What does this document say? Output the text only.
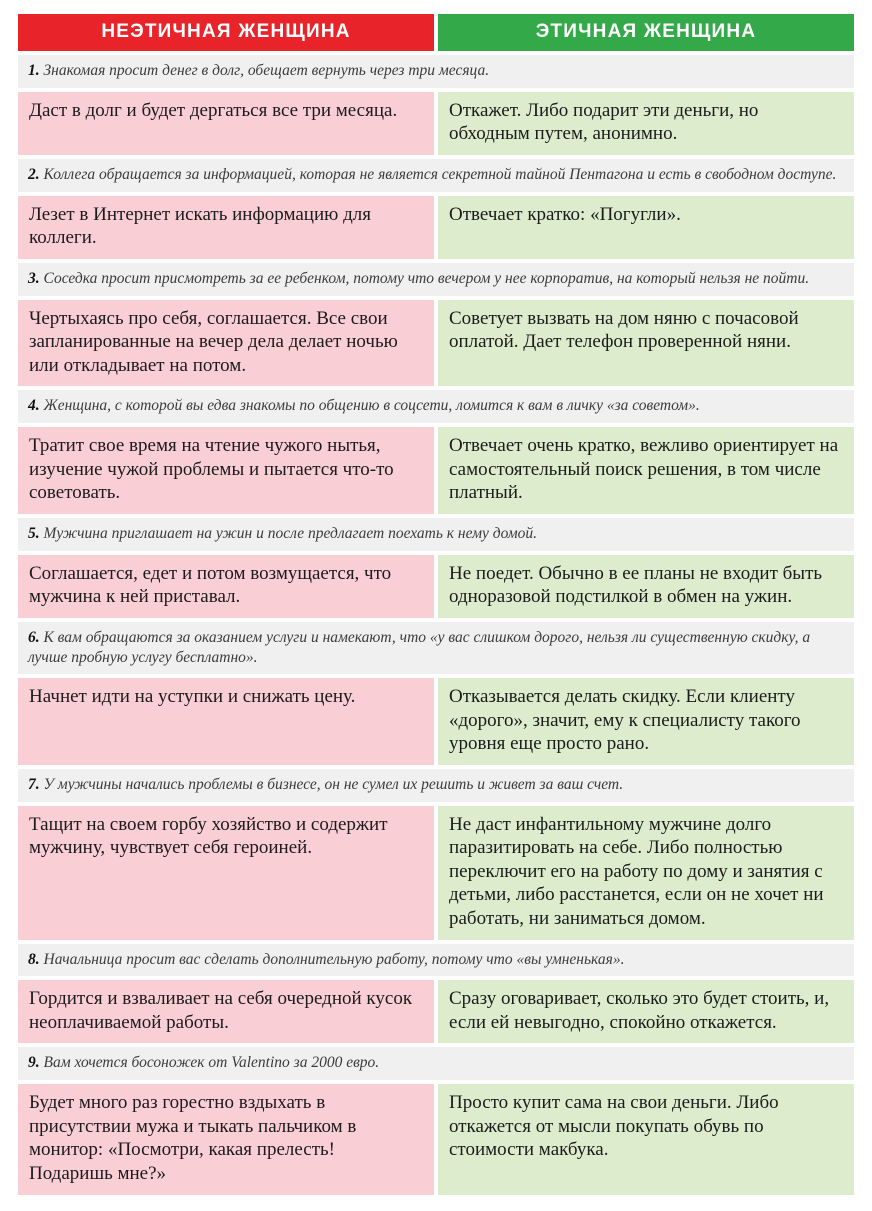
НЕЭТИЧНАЯ ЖЕНЩИНА	ЭТИЧНАЯ ЖЕНЩИНА
1. Знакомая просит денег в долг, обещает вернуть через три месяца.	
Даст в долг и будет дергаться все три месяца.	Откажет. Либо подарит эти деньги, но обходным путем, анонимно.
2. Коллега обращается за информацией, которая не является секретной тайной Пентагона и есть в свободном доступе.	
Лезет в Интернет искать информацию для коллеги.	Отвечает кратко: «Погугли».
3. Соседка просит присмотреть за ее ребенком, потому что вечером у нее корпоратив, на который нельзя не пойти.	
Чертыхаясь про себя, соглашается. Все свои запланированные на вечер дела делает ночью или откладывает на потом.	Советует вызвать на дом няню с почасовой оплатой. Дает телефон проверенной няни.
4. Женщина, с которой вы едва знакомы по общению в соцсети, ломится к вам в личку «за советом».	
Тратит свое время на чтение чужого нытья, изучение чужой проблемы и пытается что-то советовать.	Отвечает очень кратко, вежливо ориентирует на самостоятельный поиск решения, в том числе платный.
5. Мужчина приглашает на ужин и после предлагает поехать к нему домой.	
Соглашается, едет и потом возмущается, что мужчина к ней приставал.	Не поедет. Обычно в ее планы не входит быть одноразовой подстилкой в обмен на ужин.
6. К вам обращаются за оказанием услуги и намекают, что «у вас слишком дорого, нельзя ли существенную скидку, а лучше пробную услугу бесплатно».	
Начнет идти на уступки и снижать цену.	Отказывается делать скидку. Если клиенту «дорого», значит, ему к специалисту такого уровня еще просто рано.
7. У мужчины начались проблемы в бизнесе, он не сумел их решить и живет за ваш счет.	
Тащит на своем горбу хозяйство и содержит мужчину, чувствует себя героиней.	Не даст инфантильному мужчине долго паразитировать на себе. Либо полностью переключит его на работу по дому и занятия с детьми, либо расстанется, если он не хочет ни работать, ни заниматься домом.
8. Начальница просит вас сделать дополнительную работу, потому что «вы умненькая».	
Гордится и взваливает на себя очередной кусок неоплачиваемой работы.	Сразу оговаривает, сколько это будет стоить, и, если ей невыгодно, спокойно откажется.
9. Вам хочется босоножек от Valentino за 2000 евро.	
Будет много раз горестно вздыхать в присутствии мужа и тыкать пальчиком в монитор: «Посмотри, какая прелесть! Подаришь мне?»	Просто купит сама на свои деньги. Либо откажется от мысли покупать обувь по стоимости макбука.
